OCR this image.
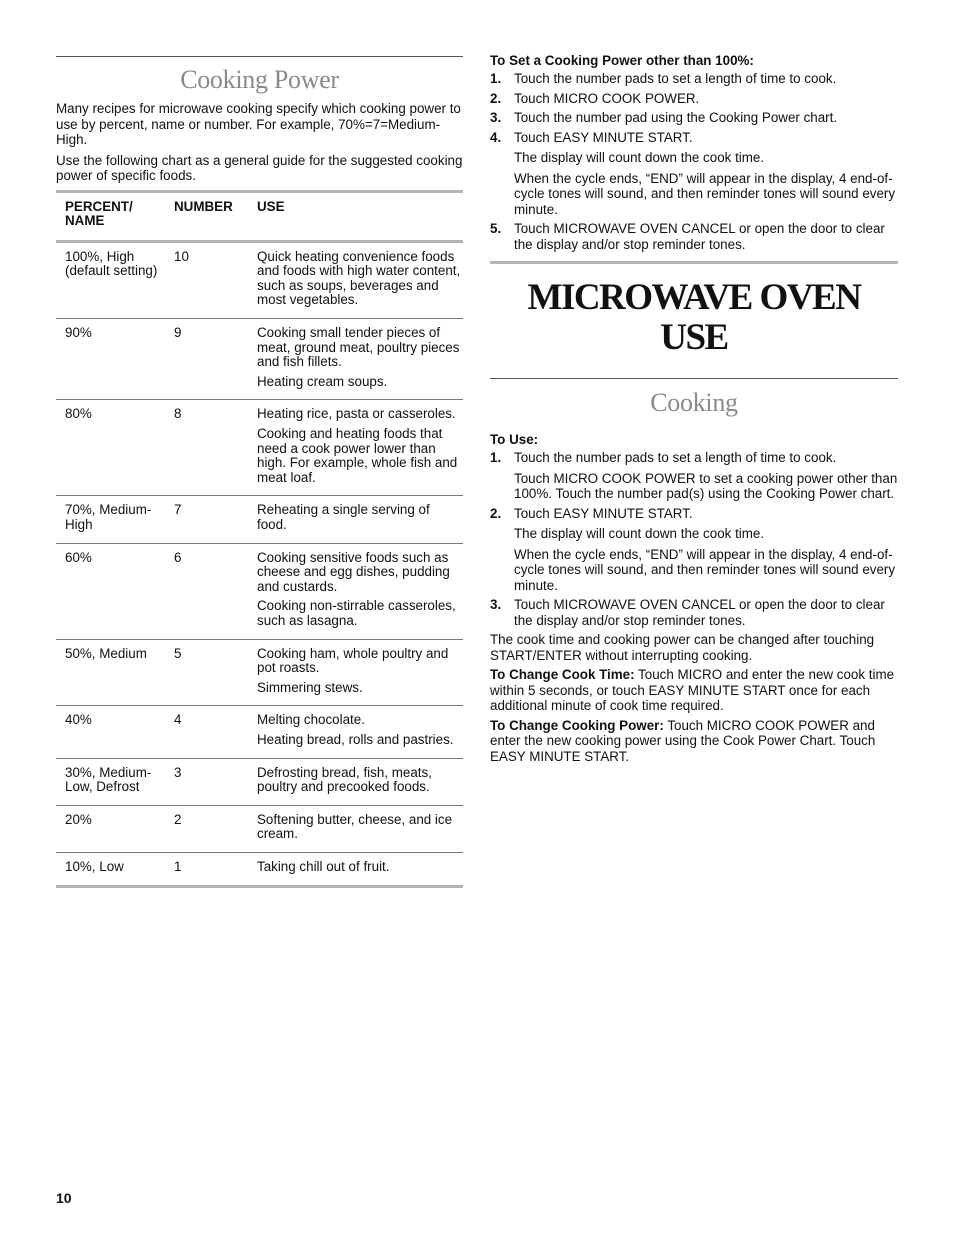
Cooking Power

Many recipes for microwave cooking specify which cooking power to use by percent, name or number. For example, 70%=7=Medium-High.

Use the following chart as a general guide for the suggested cooking power of specific foods.

PERCENT/
NAME	NUMBER	USE
100%, High (default setting)	10	Quick heating convenience foods and foods with high water content, such as soups, beverages and most vegetables.

90%	9	Cooking small tender pieces of meat, ground meat, poultry pieces and fish fillets.
Heating cream soups.

80%	8	Heating rice, pasta or casseroles.
Cooking and heating foods that need a cook power lower than high. For example, whole fish and meat loaf.

70%, Medium-High	7	Reheating a single serving of food.

60%	6	Cooking sensitive foods such as cheese and egg dishes, pudding and custards.
Cooking non-stirrable casseroles, such as lasagna.

50%, Medium	5	Cooking ham, whole poultry and pot roasts.
Simmering stews.

40%	4	Melting chocolate.
Heating bread, rolls and pastries.

30%, Medium-Low, Defrost	3	Defrosting bread, fish, meats, poultry and precooked foods.

20%	2	Softening butter, cheese, and ice cream.

10%, Low	1	Taking chill out of fruit.
To Set a Cooking Power other than 100%:
1. Touch the number pads to set a length of time to cook.
2. Touch MICRO COOK POWER.
3. Touch the number pad using the Cooking Power chart.
4. Touch EASY MINUTE START.
The display will count down the cook time.
When the cycle ends, “END” will appear in the display, 4 end-of-cycle tones will sound, and then reminder tones will sound every minute.
5. Touch MICROWAVE OVEN CANCEL or open the door to clear the display and/or stop reminder tones.
MICROWAVE OVEN
USE
Cooking
To Use:
1. Touch the number pads to set a length of time to cook.
Touch MICRO COOK POWER to set a cooking power other than 100%. Touch the number pad(s) using the Cooking Power chart.
2. Touch EASY MINUTE START.
The display will count down the cook time.
When the cycle ends, “END” will appear in the display, 4 end-of-cycle tones will sound, and then reminder tones will sound every minute.
3. Touch MICROWAVE OVEN CANCEL or open the door to clear the display and/or stop reminder tones.

The cook time and cooking power can be changed after touching START/ENTER without interrupting cooking.

To Change Cook Time: Touch MICRO and enter the new cook time within 5 seconds, or touch EASY MINUTE START once for each additional minute of cook time required.

To Change Cooking Power: Touch MICRO COOK POWER and enter the new cooking power using the Cook Power Chart. Touch EASY MINUTE START.

10
